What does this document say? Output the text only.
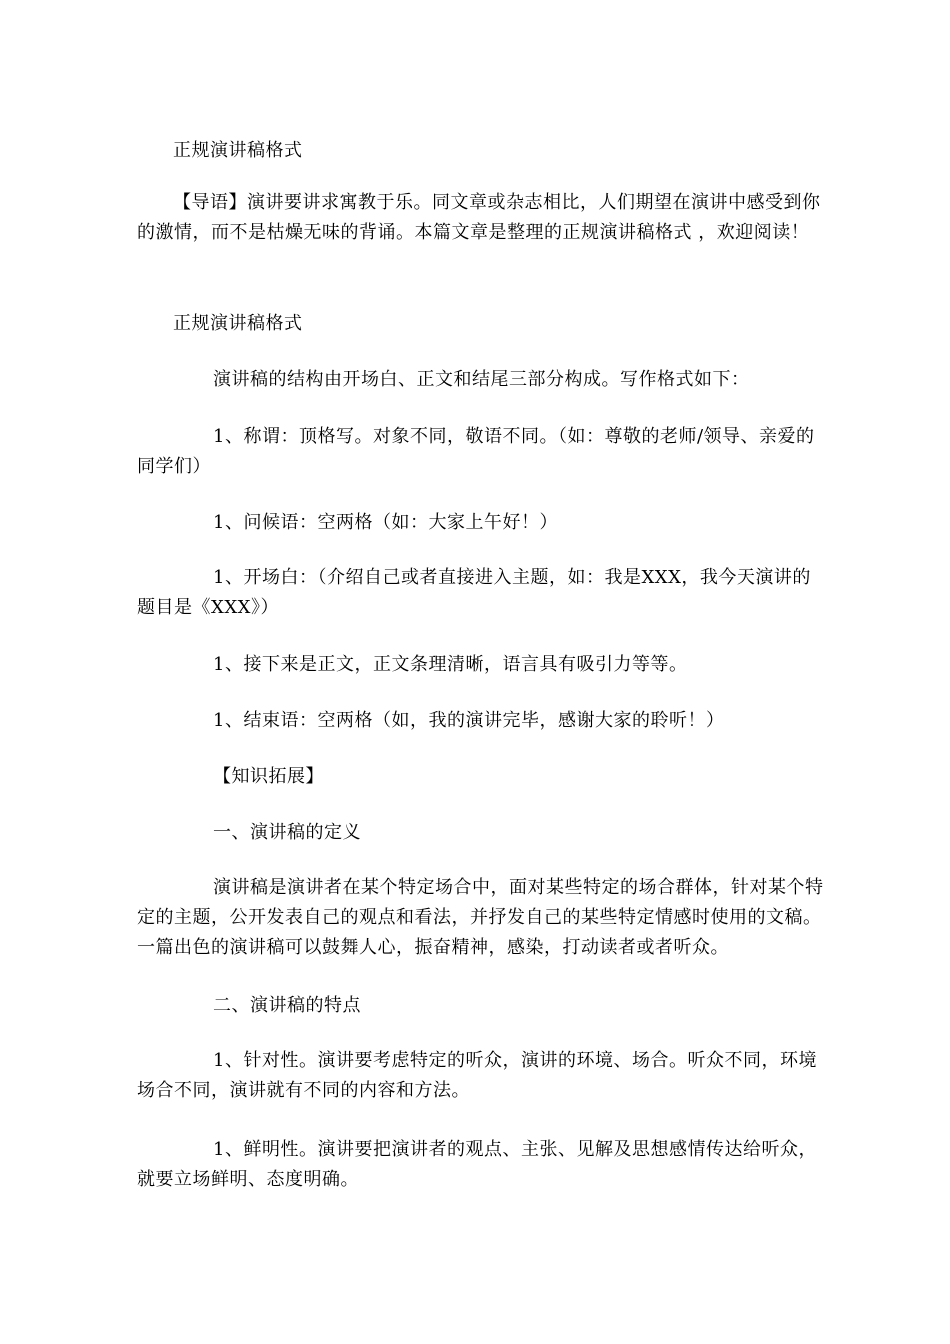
正规演讲稿格式

【导语】演讲要讲求寓教于乐。同文章或杂志相比，人们期望在演讲中感受到你的激情，而不是枯燥无味的背诵。本篇文章是整理的正规演讲稿格式 ，欢迎阅读！

正规演讲稿格式

演讲稿的结构由开场白、正文和结尾三部分构成。写作格式如下：

1、称谓：顶格写。对象不同，敬语不同。（如：尊敬的老师/领导、亲爱的同学们）

1、问候语：空两格（如：大家上午好！）

1、开场白：（介绍自己或者直接进入主题，如：我是XXX，我今天演讲的题目是《XXX》）

1、接下来是正文，正文条理清晰，语言具有吸引力等等。

1、结束语：空两格（如，我的演讲完毕，感谢大家的聆听！）

【知识拓展】

一、演讲稿的定义

演讲稿是演讲者在某个特定场合中，面对某些特定的场合群体，针对某个特定的主题，公开发表自己的观点和看法，并抒发自己的某些特定情感时使用的文稿。一篇出色的演讲稿可以鼓舞人心，振奋精神，感染，打动读者或者听众。

二、演讲稿的特点

1、针对性。演讲要考虑特定的听众，演讲的环境、场合。听众不同，环境场合不同，演讲就有不同的内容和方法。

1、鲜明性。演讲要把演讲者的观点、主张、见解及思想感情传达给听众，就要立场鲜明、态度明确。
